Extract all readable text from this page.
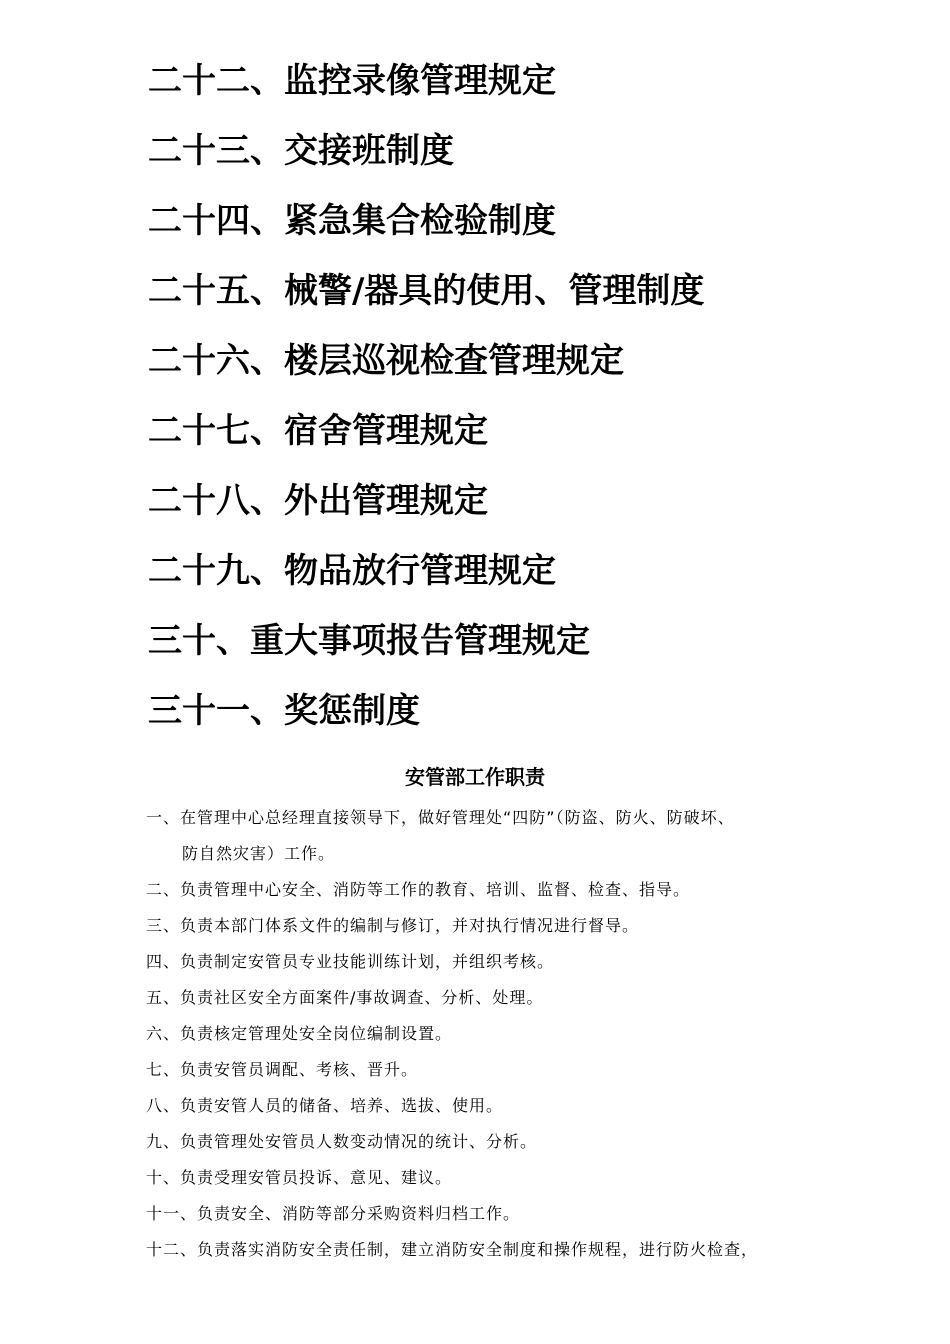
二十二、监控录像管理规定
二十三、交接班制度
二十四、紧急集合检验制度
二十五、械警/器具的使用、管理制度
二十六、楼层巡视检查管理规定
二十七、宿舍管理规定
二十八、外出管理规定
二十九、物品放行管理规定
三十、重大事项报告管理规定
三十一、奖惩制度
安管部工作职责
一、在管理中心总经理直接领导下，做好管理处“四防”（防盗、防火、防破坏、
防自然灾害）工作。
二、负责管理中心安全、消防等工作的教育、培训、监督、检查、指导。
三、负责本部门体系文件的编制与修订，并对执行情况进行督导。
四、负责制定安管员专业技能训练计划，并组织考核。
五、负责社区安全方面案件/事故调查、分析、处理。
六、负责核定管理处安全岗位编制设置。
七、负责安管员调配、考核、晋升。
八、负责安管人员的储备、培养、选拔、使用。
九、负责管理处安管员人数变动情况的统计、分析。
十、负责受理安管员投诉、意见、建议。
十一、负责安全、消防等部分采购资料归档工作。
十二、负责落实消防安全责任制，建立消防安全制度和操作规程，进行防火检查，
